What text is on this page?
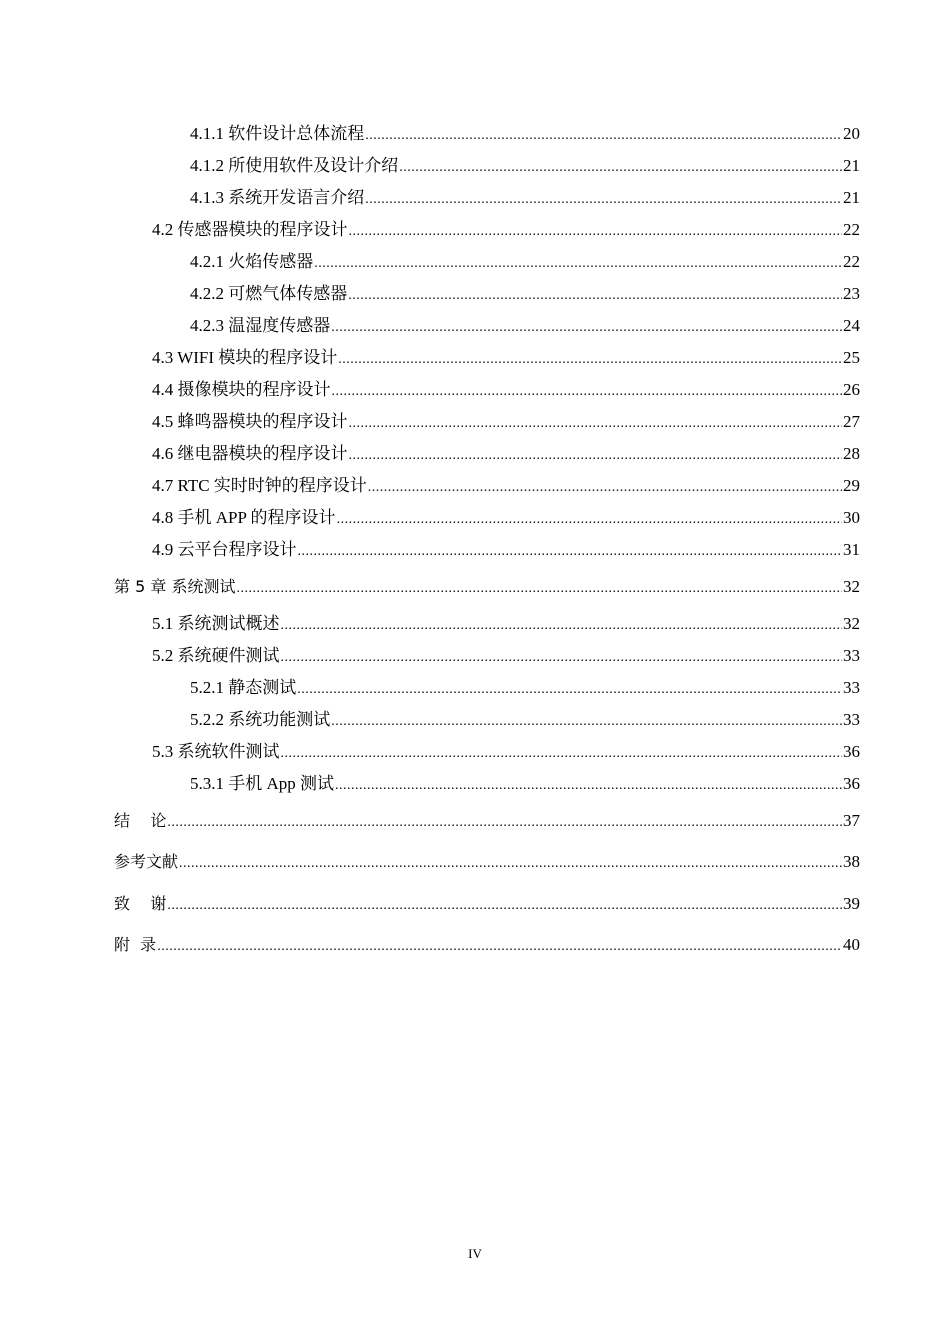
4.1.1 软件设计总体流程 .....	20
4.1.2 所使用软件及设计介绍 .....	21
4.1.3 系统开发语言介绍 .....	21
4.2 传感器模块的程序设计 .....	22
4.2.1 火焰传感器 .....	22
4.2.2 可燃气体传感器 .....	23
4.2.3 温湿度传感器 .....	24
4.3 WIFI 模块的程序设计 .....	25
4.4 摄像模块的程序设计 .....	26
4.5 蜂鸣器模块的程序设计 .....	27
4.6 继电器模块的程序设计 .....	28
4.7 RTC 实时时钟的程序设计 .....	29
4.8 手机 APP 的程序设计 .....	30
4.9 云平台程序设计 .....	31
第 5 章 系统测试 .....	32
5.1 系统测试概述 .....	32
5.2 系统硬件测试 .....	33
5.2.1 静态测试 .....	33
5.2.2 系统功能测试 .....	33
5.3 系统软件测试 .....	36
5.3.1 手机 App 测试 .....	36
结    论 .....	37
参考文献 .....	38
致    谢 .....	39
附  录 .....	40
IV
